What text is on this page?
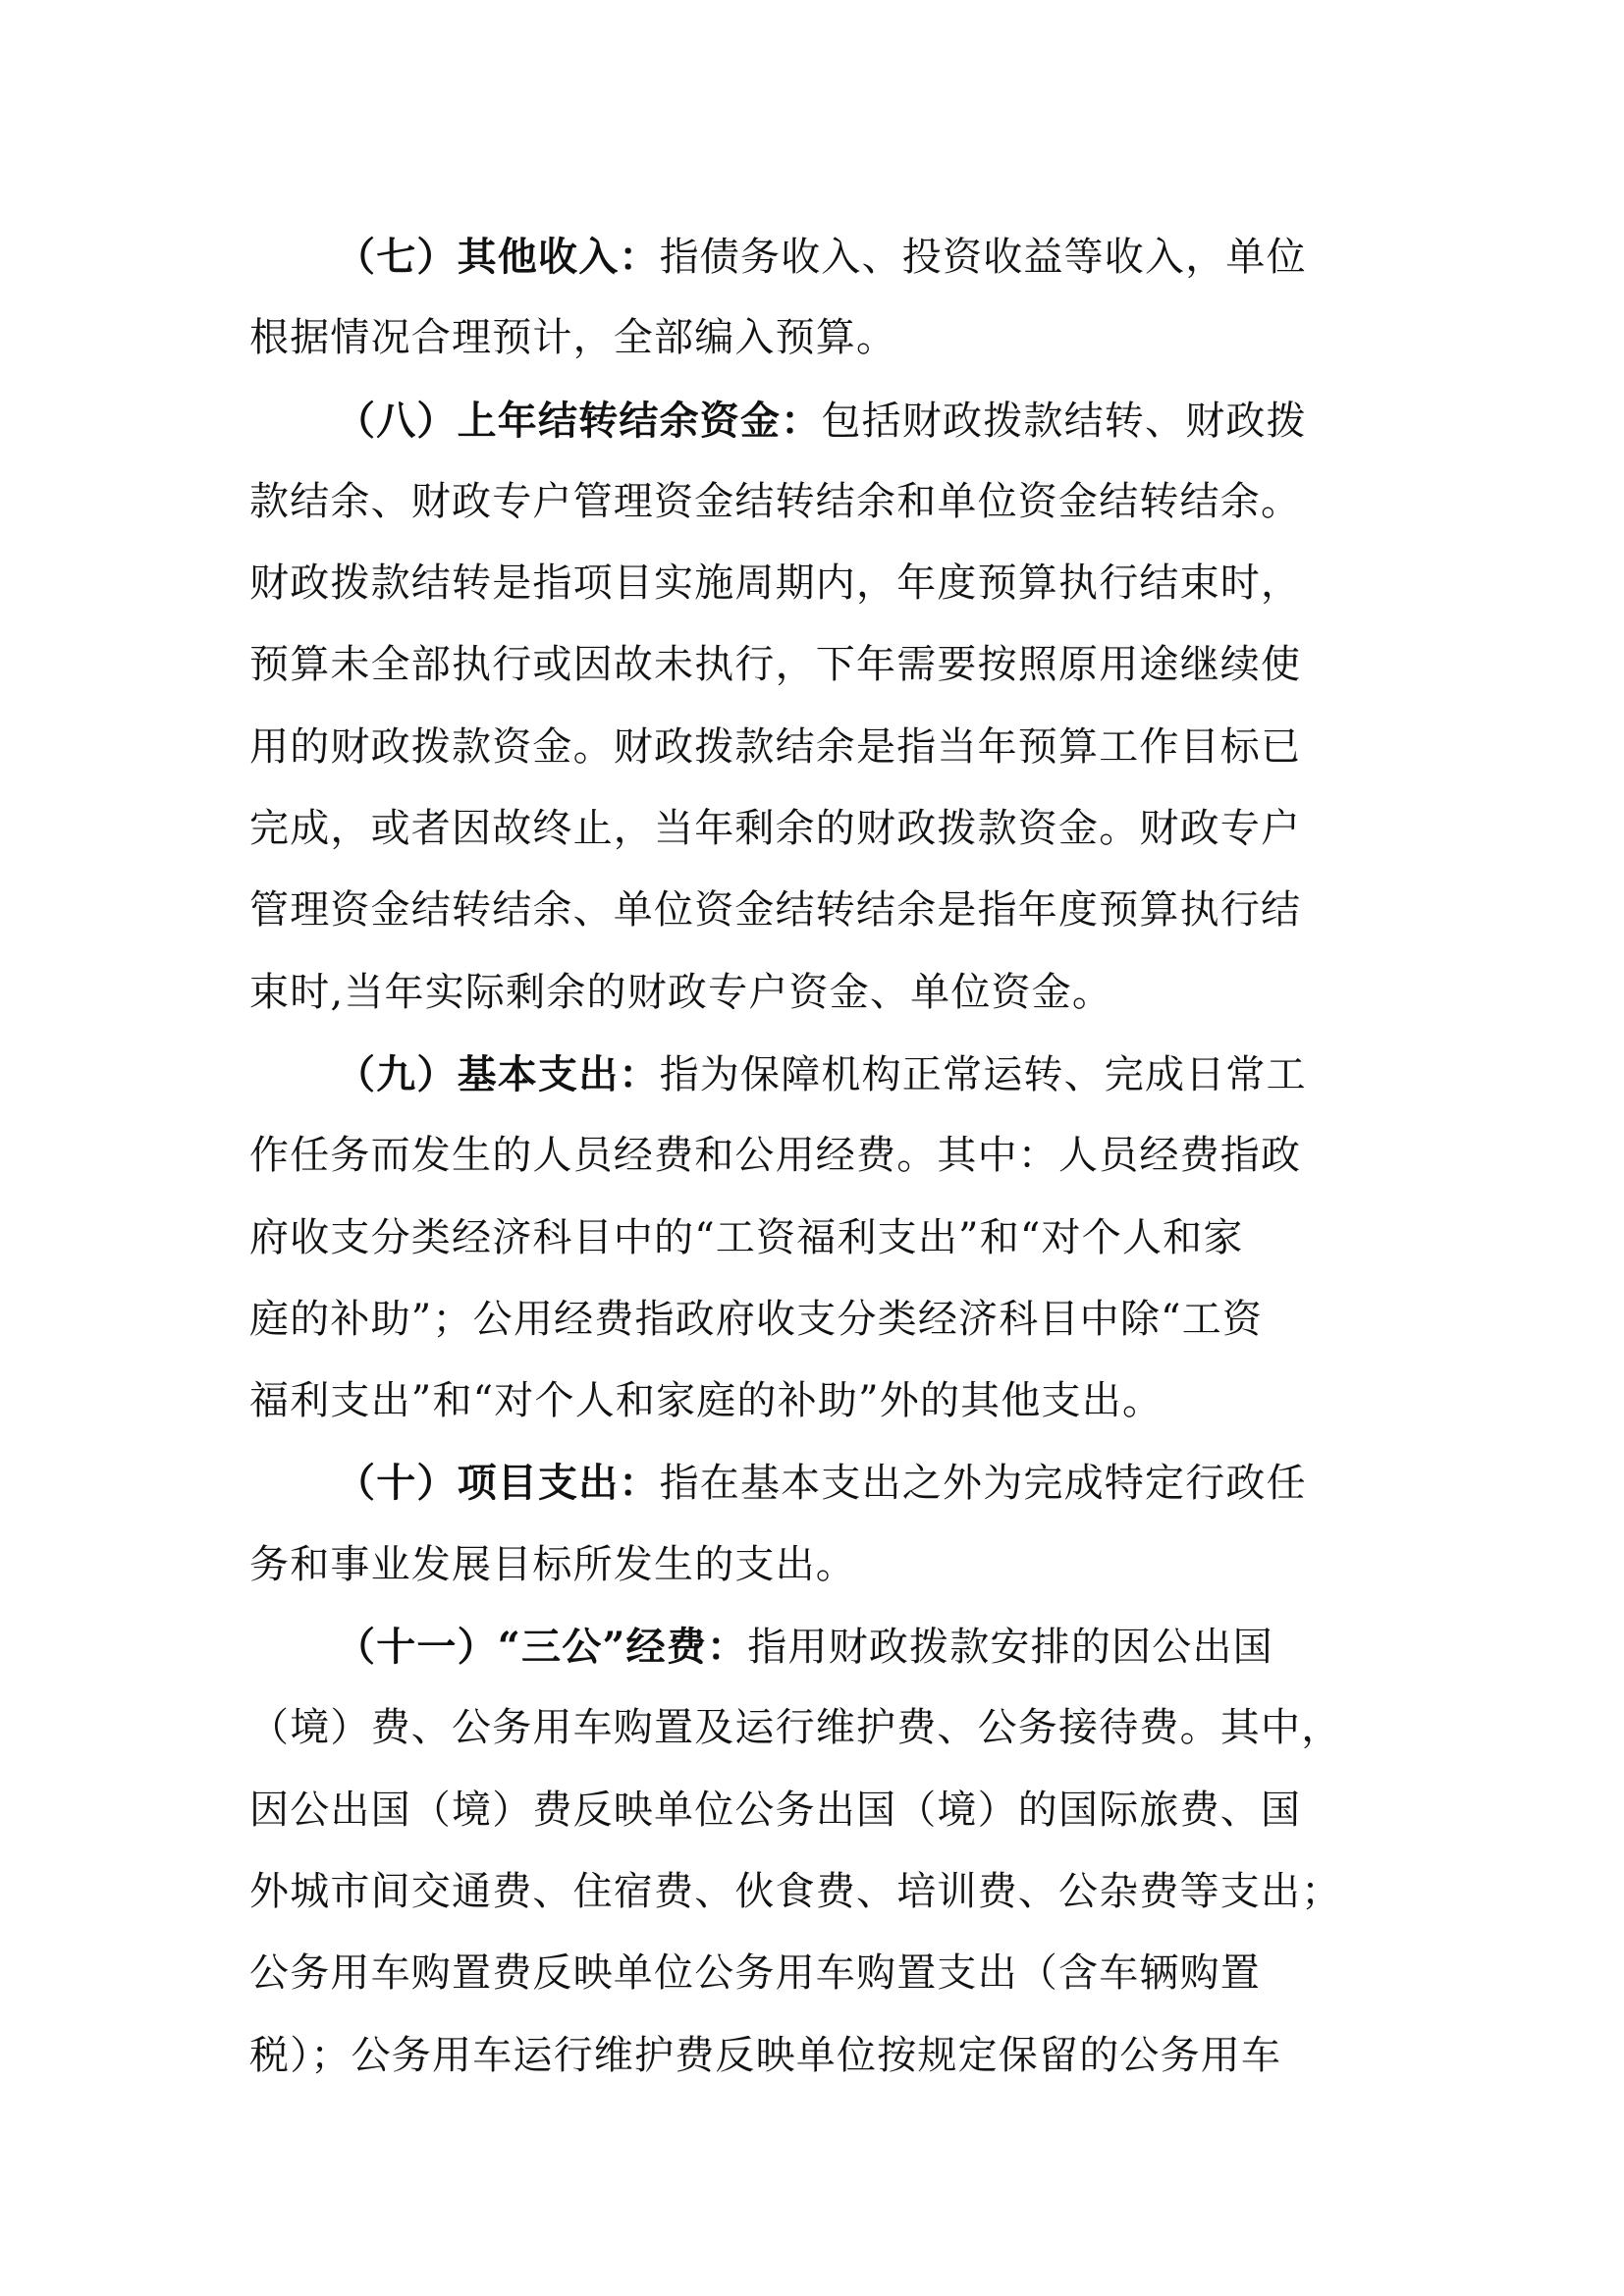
（七）其他收入：指债务收入、投资收益等收入，单位
根据情况合理预计，全部编入预算。
（八）上年结转结余资金：包括财政拨款结转、财政拨
款结余、财政专户管理资金结转结余和单位资金结转结余。
财政拨款结转是指项目实施周期内，年度预算执行结束时，
预算未全部执行或因故未执行，下年需要按照原用途继续使
用的财政拨款资金。财政拨款结余是指当年预算工作目标已
完成，或者因故终止，当年剩余的财政拨款资金。财政专户
管理资金结转结余、单位资金结转结余是指年度预算执行结
束时,当年实际剩余的财政专户资金、单位资金。
（九）基本支出：指为保障机构正常运转、完成日常工
作任务而发生的人员经费和公用经费。其中：人员经费指政
府收支分类经济科目中的“工资福利支出”和“对个人和家
庭的补助”；公用经费指政府收支分类经济科目中除“工资
福利支出”和“对个人和家庭的补助”外的其他支出。
（十）项目支出：指在基本支出之外为完成特定行政任
务和事业发展目标所发生的支出。
（十一）“三公”经费：指用财政拨款安排的因公出国
（境）费、公务用车购置及运行维护费、公务接待费。其中，
因公出国（境）费反映单位公务出国（境）的国际旅费、国
外城市间交通费、住宿费、伙食费、培训费、公杂费等支出；
公务用车购置费反映单位公务用车购置支出（含车辆购置
税）；公务用车运行维护费反映单位按规定保留的公务用车
